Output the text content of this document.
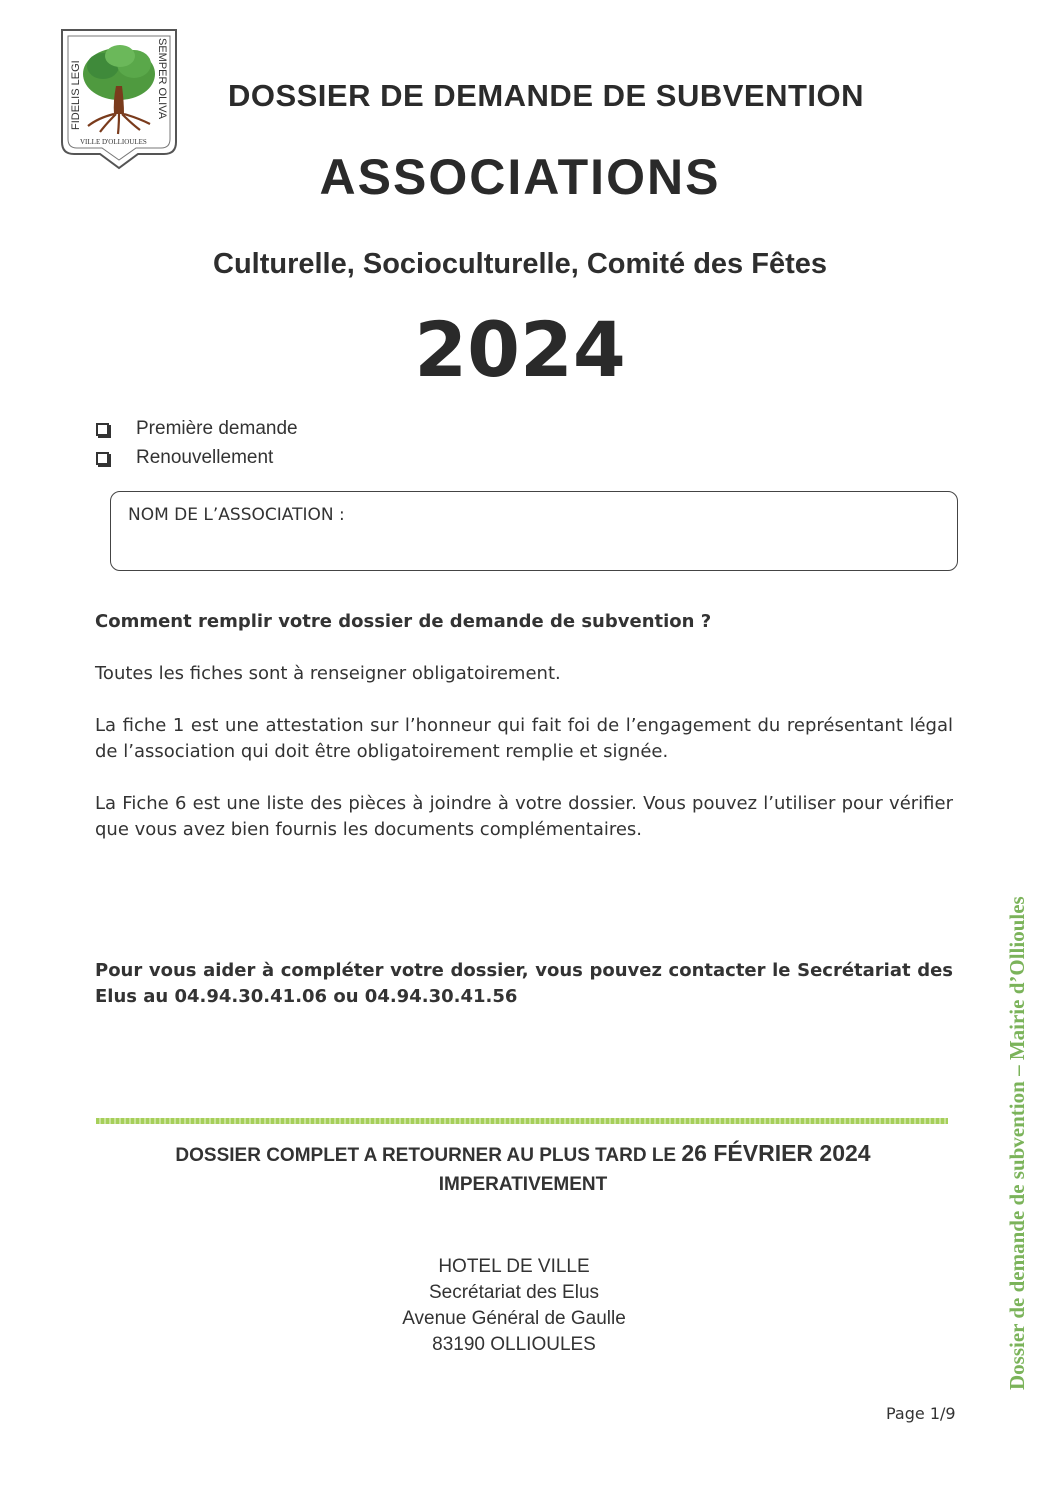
VILLE D'OLLIOULES
FIDELIS LEGI	SEMPER OLIVA	DOSSIER DE DEMANDE DE SUBVENTION
ASSOCIATIONS
Culturelle, Socioculturelle, Comité des Fêtes
2024
Première demande
Renouvellement
NOM DE L’ASSOCIATION :
Comment remplir votre dossier de demande de subvention ?
Toutes les fiches sont à renseigner obligatoirement.
La fiche 1 est une attestation sur l’honneur qui fait foi de l’engagement du représentant légal de l’association qui doit être obligatoirement remplie et signée.
La Fiche 6 est une liste des pièces à joindre à votre dossier. Vous pouvez l’utiliser pour vérifier que vous avez bien fournis les documents complémentaires.
Pour vous aider à compléter votre dossier, vous pouvez contacter le Secrétariat des Elus au 04.94.30.41.06 ou 04.94.30.41.56
DOSSIER COMPLET A RETOURNER AU PLUS TARD LE 26 FÉVRIER 2024
IMPERATIVEMENT
HOTEL DE VILLE
Secrétariat des Elus
Avenue Général de Gaulle
83190 OLLIOULES	Dossier de demande de subvention – Mairie d’Ollioules
Page 1/9
